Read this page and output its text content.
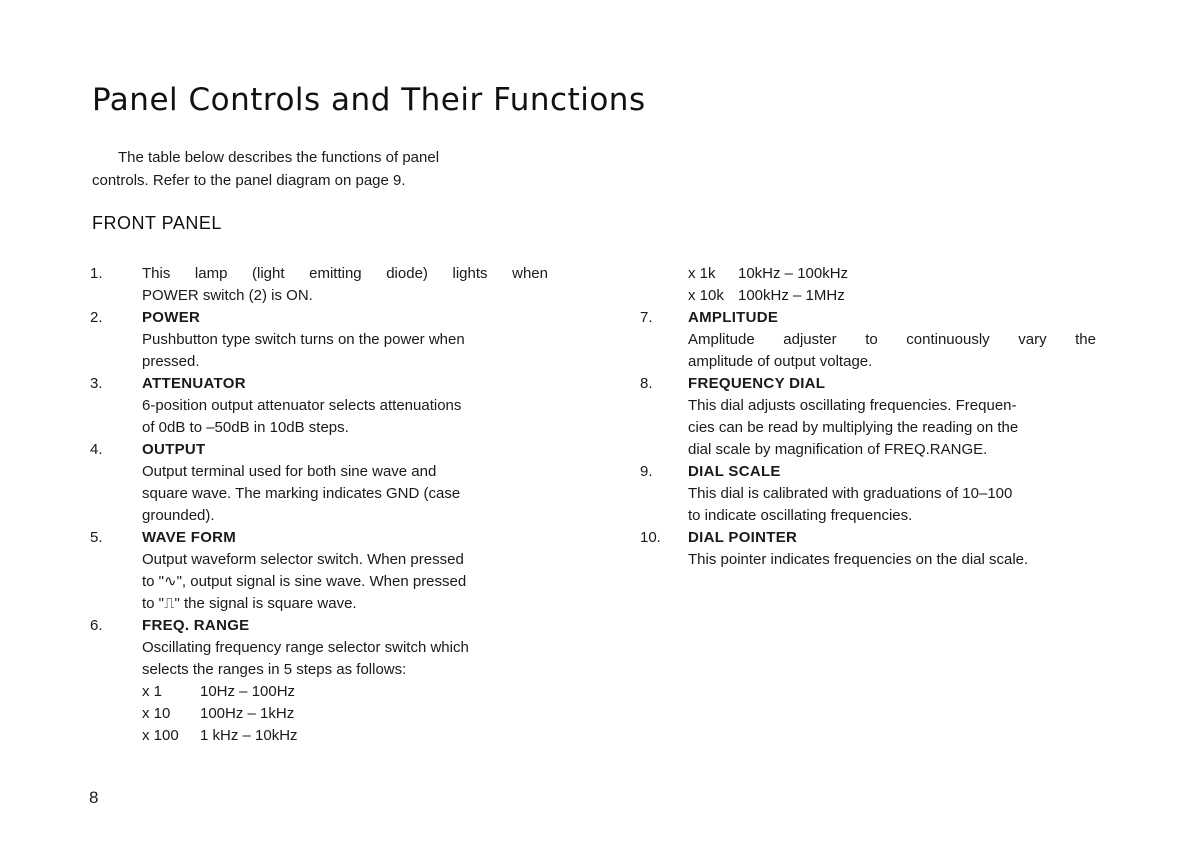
Panel Controls and Their Functions
The table below describes the functions of panel
controls. Refer to the panel diagram on page 9.
FRONT PANEL
1.	This lamp (light emitting diode) lights when
POWER switch (2) is ON.
2.	POWER
Pushbutton type switch turns on the power when
pressed.
3.	ATTENUATOR
6-position output attenuator selects attenuations
of 0dB to –50dB in 10dB steps.
4.	OUTPUT
Output terminal used for both sine wave and
square wave. The marking indicates GND (case
grounded).
5.	WAVE FORM
Output waveform selector switch. When pressed
to "∿", output signal is sine wave. When pressed
to "⎍" the signal is square wave.
6.	FREQ. RANGE
Oscillating frequency range selector switch which
selects the ranges in 5 steps as follows:
x 1	10Hz – 100Hz
x 10 100Hz – 1kHz
x 100 1 kHz – 10kHz
x 1k 10kHz – 100kHz
x 10k 100kHz – 1MHz
7. AMPLITUDE
Amplitude adjuster to continuously vary the
amplitude of output voltage.
8. FREQUENCY DIAL
This dial adjusts oscillating frequencies. Frequen-
cies can be read by multiplying the reading on the
dial scale by magnification of FREQ.RANGE.
9. DIAL SCALE
This dial is calibrated with graduations of 10–100
to indicate oscillating frequencies.
10. DIAL POINTER
This pointer indicates frequencies on the dial scale.
8
